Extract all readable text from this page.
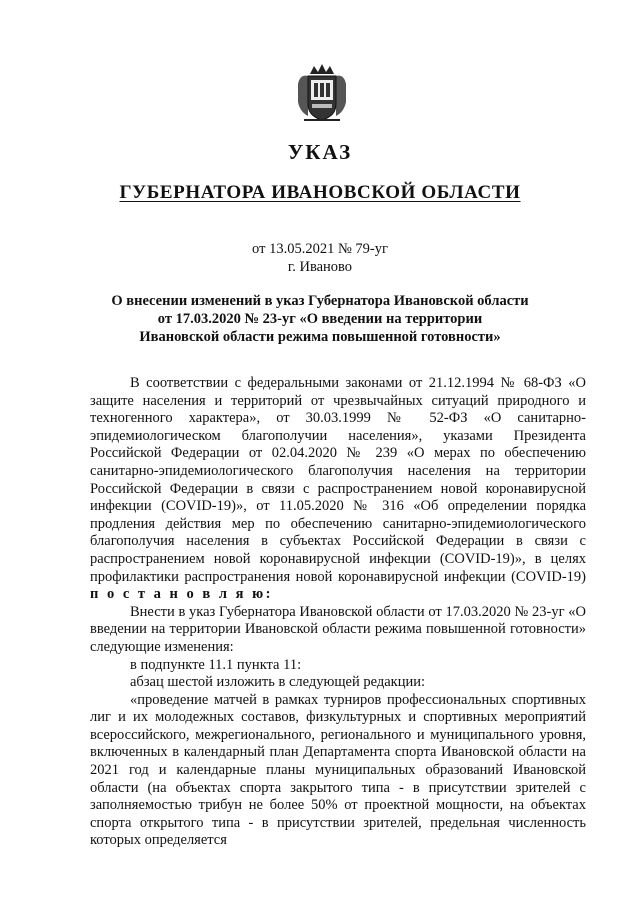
УКАЗ
ГУБЕРНАТОРА ИВАНОВСКОЙ ОБЛАСТИ
от 13.05.2021 № 79-уг
г. Иваново
О внесении изменений в указ Губернатора Ивановской области
от 17.03.2020 № 23-уг «О введении на территории
Ивановской области режима повышенной готовности»

В соответствии с федеральными законами от 21.12.1994 № 68-ФЗ «О защите населения и территорий от чрезвычайных ситуаций природного и техногенного характера», от 30.03.1999 № 52-ФЗ «О санитарно-эпидемиологическом благополучии населения», указами Президента Российской Федерации от 02.04.2020 № 239 «О мерах по обеспечению санитарно-эпидемиологического благополучия населения на территории Российской Федерации в связи с распространением новой коронавирусной инфекции (COVID-19)», от 11.05.2020 № 316 «Об определении порядка продления действия мер по обеспечению санитарно-эпидемиологического благополучия населения в субъектах Российской Федерации в связи с распространением новой коронавирусной инфекции (COVID-19)», в целях профилактики распространения новой коронавирусной инфекции (COVID-19) п о с т а н о в л я ю:

Внести в указ Губернатора Ивановской области от 17.03.2020 № 23-уг «О введении на территории Ивановской области режима повышенной готовности» следующие изменения:

в подпункте 11.1 пункта 11:

абзац шестой изложить в следующей редакции:

«проведение матчей в рамках турниров профессиональных спортивных лиг и их молодежных составов, физкультурных и спортивных мероприятий всероссийского, межрегионального, регионального и муниципального уровня, включенных в календарный план Департамента спорта Ивановской области на 2021 год и календарные планы муниципальных образований Ивановской области (на объектах спорта закрытого типа - в присутствии зрителей с заполняемостью трибун не более 50% от проектной мощности, на объектах спорта открытого типа - в присутствии зрителей, предельная численность которых определяется
